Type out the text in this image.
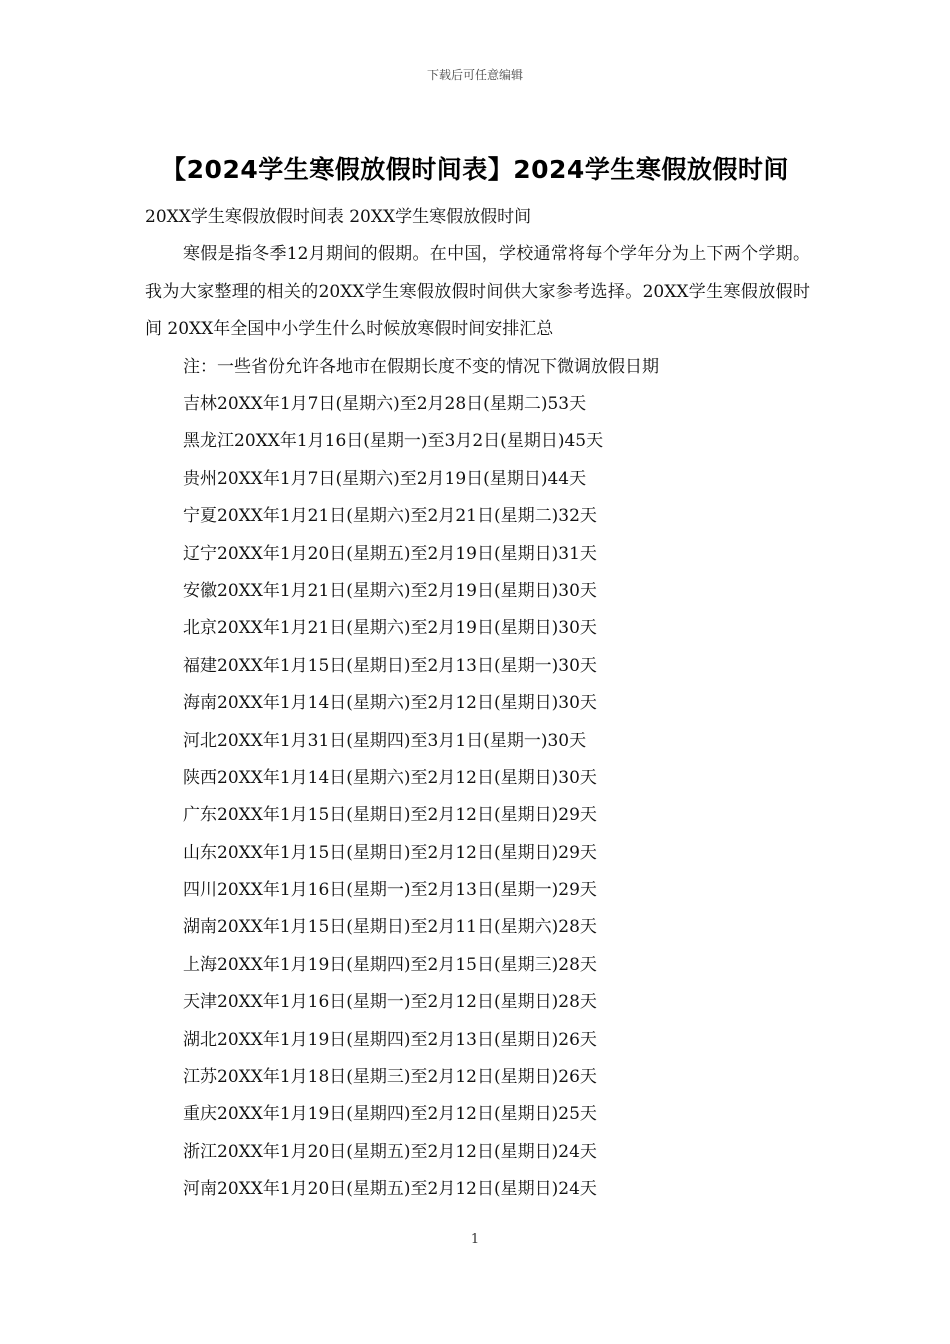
下载后可任意编辑
【2024学生寒假放假时间表】2024学生寒假放假时间
20XX学生寒假放假时间表 20XX学生寒假放假时间
寒假是指冬季12月期间的假期。在中国，学校通常将每个学年分为上下两个学期。我为大家整理的相关的20XX学生寒假放假时间供大家参考选择。20XX学生寒假放假时间 20XX年全国中小学生什么时候放寒假时间安排汇总
注：一些省份允许各地市在假期长度不变的情况下微调放假日期
吉林20XX年1月7日(星期六)至2月28日(星期二)53天
黑龙江20XX年1月16日(星期一)至3月2日(星期日)45天
贵州20XX年1月7日(星期六)至2月19日(星期日)44天
宁夏20XX年1月21日(星期六)至2月21日(星期二)32天
辽宁20XX年1月20日(星期五)至2月19日(星期日)31天
安徽20XX年1月21日(星期六)至2月19日(星期日)30天
北京20XX年1月21日(星期六)至2月19日(星期日)30天
福建20XX年1月15日(星期日)至2月13日(星期一)30天
海南20XX年1月14日(星期六)至2月12日(星期日)30天
河北20XX年1月31日(星期四)至3月1日(星期一)30天
陕西20XX年1月14日(星期六)至2月12日(星期日)30天
广东20XX年1月15日(星期日)至2月12日(星期日)29天
山东20XX年1月15日(星期日)至2月12日(星期日)29天
四川20XX年1月16日(星期一)至2月13日(星期一)29天
湖南20XX年1月15日(星期日)至2月11日(星期六)28天
上海20XX年1月19日(星期四)至2月15日(星期三)28天
天津20XX年1月16日(星期一)至2月12日(星期日)28天
湖北20XX年1月19日(星期四)至2月13日(星期日)26天
江苏20XX年1月18日(星期三)至2月12日(星期日)26天
重庆20XX年1月19日(星期四)至2月12日(星期日)25天
浙江20XX年1月20日(星期五)至2月12日(星期日)24天
河南20XX年1月20日(星期五)至2月12日(星期日)24天
1
